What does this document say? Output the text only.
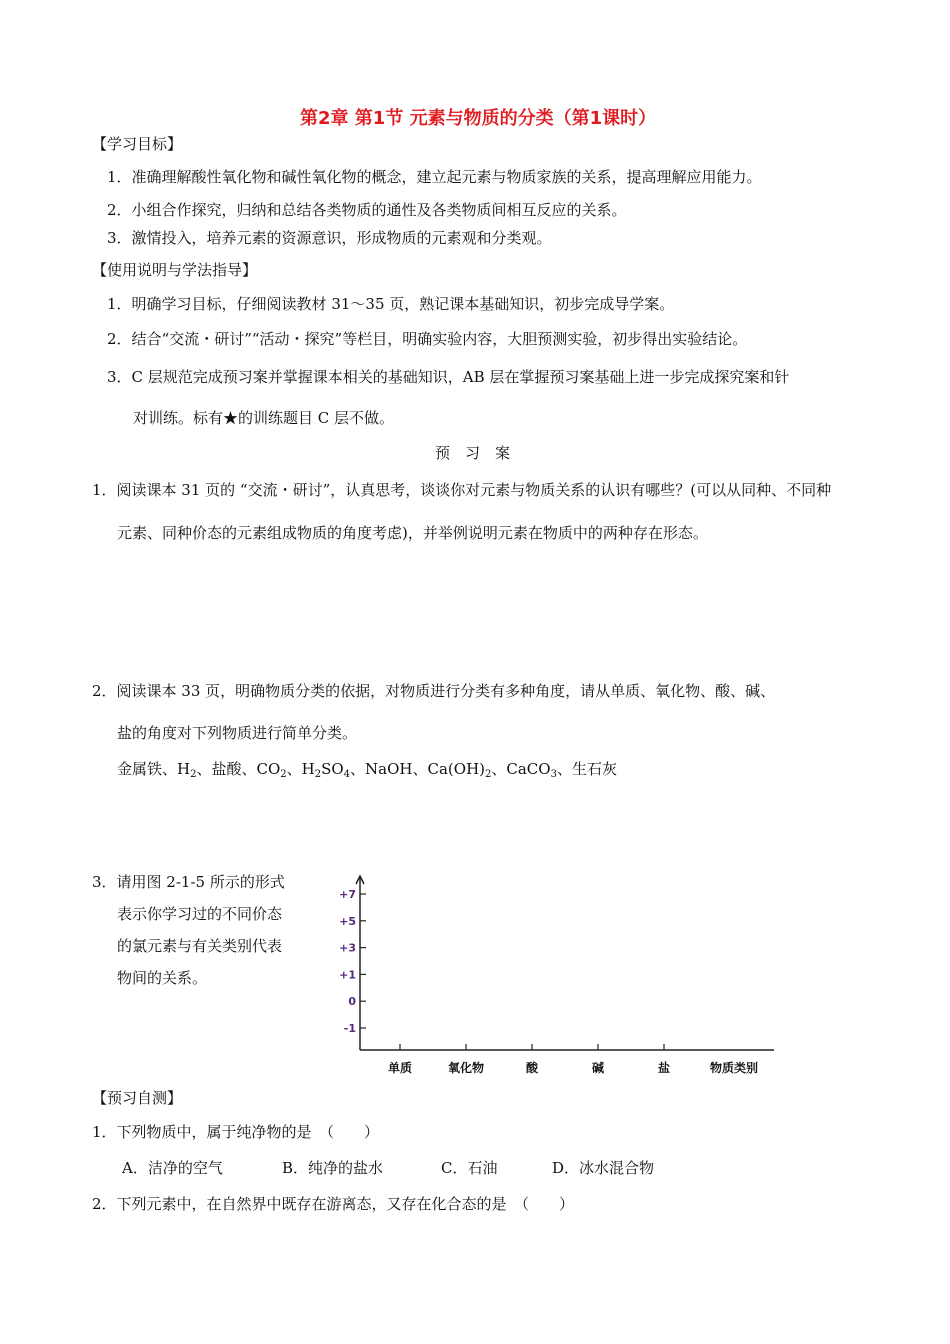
第2章 第1节 元素与物质的分类（第1课时）
【学习目标】
1．准确理解酸性氧化物和碱性氧化物的概念，建立起元素与物质家族的关系，提高理解应用能力。
2．小组合作探究，归纳和总结各类物质的通性及各类物质间相互反应的关系。
3．激情投入，培养元素的资源意识，形成物质的元素观和分类观。
【使用说明与学法指导】
1．明确学习目标，仔细阅读教材 31～35 页，熟记课本基础知识，初步完成导学案。
2．结合“交流・研讨”“活动・探究”等栏目，明确实验内容，大胆预测实验，初步得出实验结论。
3．C 层规范完成预习案并掌握课本相关的基础知识，AB 层在掌握预习案基础上进一步完成探究案和针
对训练。标有★的训练题目 C 层不做。
预　习　案
1．阅读课本 31 页的 “交流・研讨”，认真思考，谈谈你对元素与物质关系的认识有哪些？(可以从同种、不同种
元素、同种价态的元素组成物质的角度考虑)，并举例说明元素在物质中的两种存在形态。
2．阅读课本 33 页，明确物质分类的依据，对物质进行分类有多种角度，请从单质、氧化物、酸、碱、
盐的角度对下列物质进行简单分类。
金属铁、$H_2$、盐酸、$CO_2$、$H_2SO_4$、NaOH、$Ca(OH)_2$、CaCO$_3$、生石灰
3．请用图 2-1-5 所示的形式
表示你学习过的不同价态
的氯元素与有关类别代表
物间的关系。
+7
+5
+3
+1
0
-1
单质	氧化物	酸	碱	盐	物质类别
【预习自测】
1．下列物质中，属于纯净物的是　（　　）
A．洁净的空气	B．纯净的盐水	C．石油	D．冰水混合物
2．下列元素中，在自然界中既存在游离态，又存在化合态的是　（　　）
